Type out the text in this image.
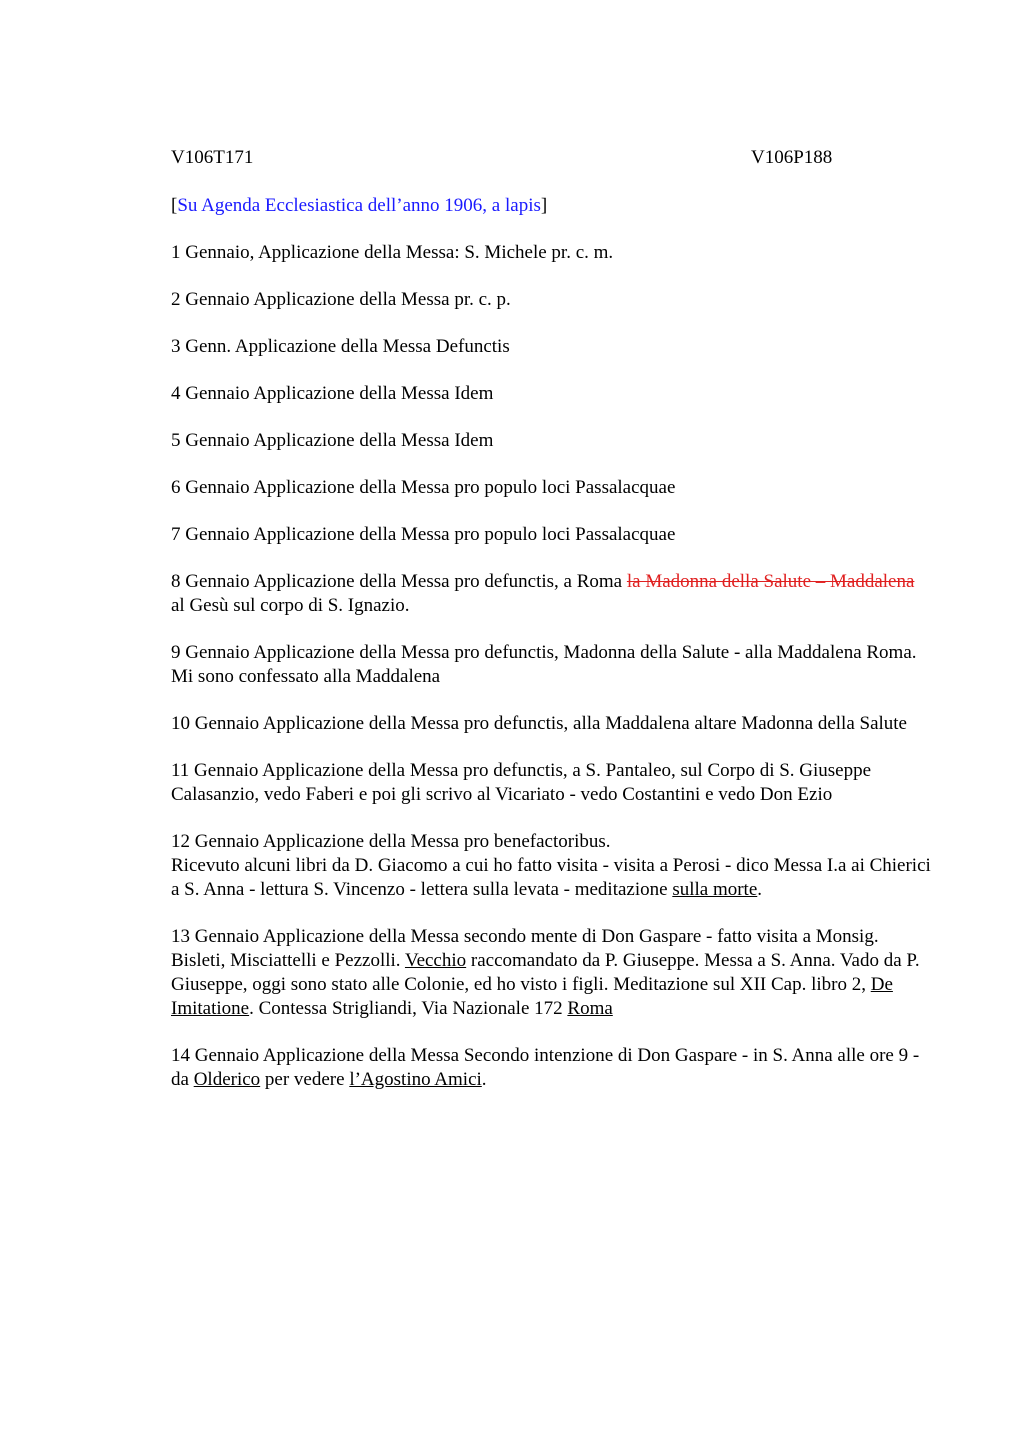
V106T171	V106P188
[Su Agenda Ecclesiastica dell’anno 1906, a lapis]
1 Gennaio, Applicazione della Messa: S. Michele pr. c. m.
2 Gennaio Applicazione della Messa pr. c. p.
3 Genn. Applicazione della Messa Defunctis
4 Gennaio Applicazione della Messa Idem
5 Gennaio Applicazione della Messa Idem
6 Gennaio Applicazione della Messa pro populo loci Passalacquae
7 Gennaio Applicazione della Messa pro populo loci Passalacquae
8 Gennaio Applicazione della Messa pro defunctis, a Roma la Madonna della Salute – Maddalena al Gesù sul corpo di S. Ignazio.
9 Gennaio Applicazione della Messa pro defunctis, Madonna della Salute - alla Maddalena Roma.
Mi sono confessato alla Maddalena
10 Gennaio Applicazione della Messa pro defunctis, alla Maddalena altare Madonna della Salute
11 Gennaio Applicazione della Messa pro defunctis, a S. Pantaleo, sul Corpo di S. Giuseppe Calasanzio, vedo Faberi e poi gli scrivo al Vicariato - vedo Costantini e vedo Don Ezio
12 Gennaio Applicazione della Messa pro benefactoribus.
Ricevuto alcuni libri da D. Giacomo a cui ho fatto visita - visita a Perosi - dico Messa I.a ai Chierici a S. Anna - lettura S. Vincenzo - lettera sulla levata - meditazione sulla morte.
13 Gennaio Applicazione della Messa secondo mente di Don Gaspare - fatto visita a Monsig. Bisleti, Misciattelli e Pezzolli. Vecchio raccomandato da P. Giuseppe. Messa a S. Anna. Vado da P. Giuseppe, oggi sono stato alle Colonie, ed ho visto i figli. Meditazione sul XII Cap. libro 2, De Imitatione. Contessa Strigliandi, Via Nazionale 172 Roma
14 Gennaio Applicazione della Messa Secondo intenzione di Don Gaspare - in S. Anna alle ore 9 - da Olderico per vedere l’Agostino Amici.
